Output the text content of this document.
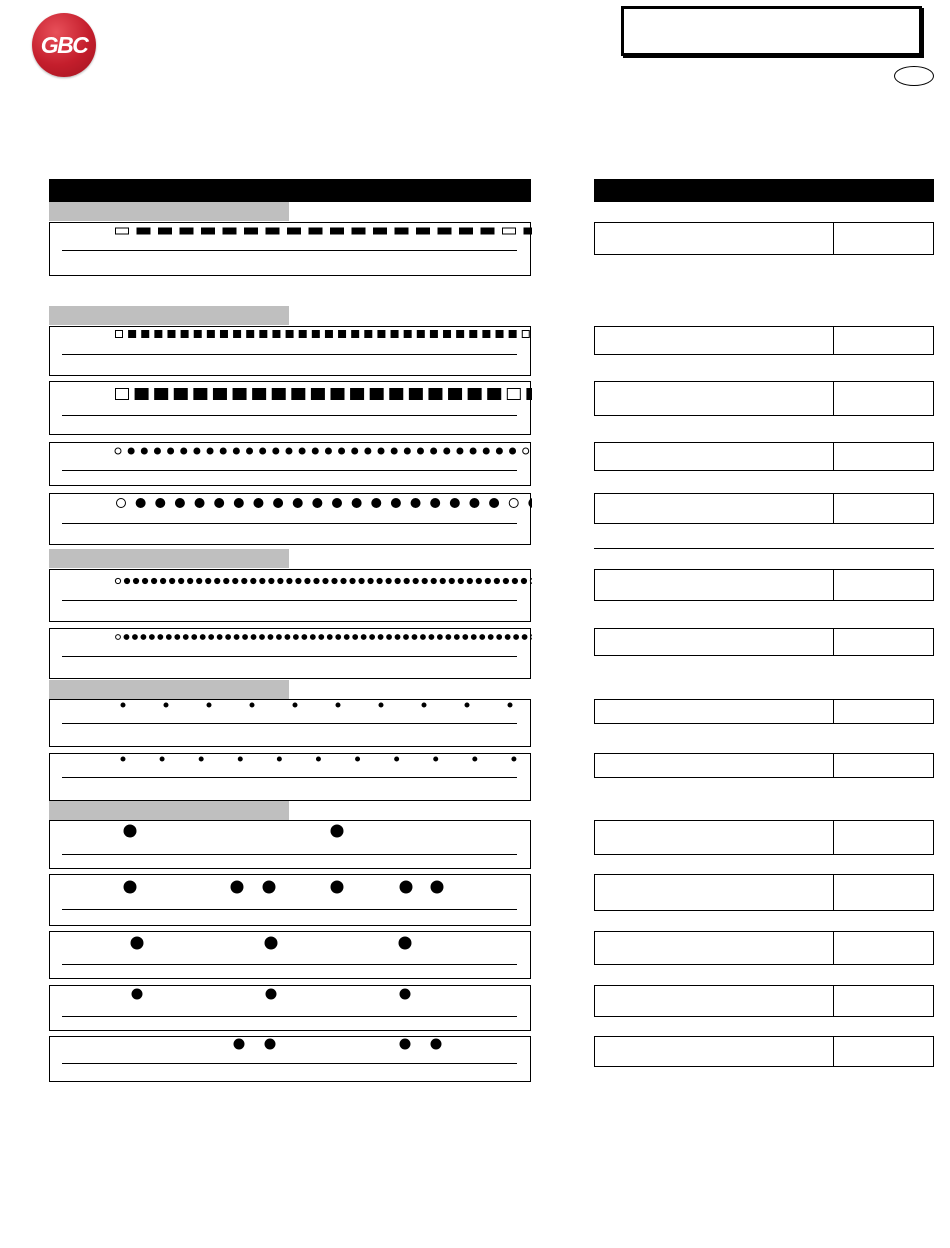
GBC
